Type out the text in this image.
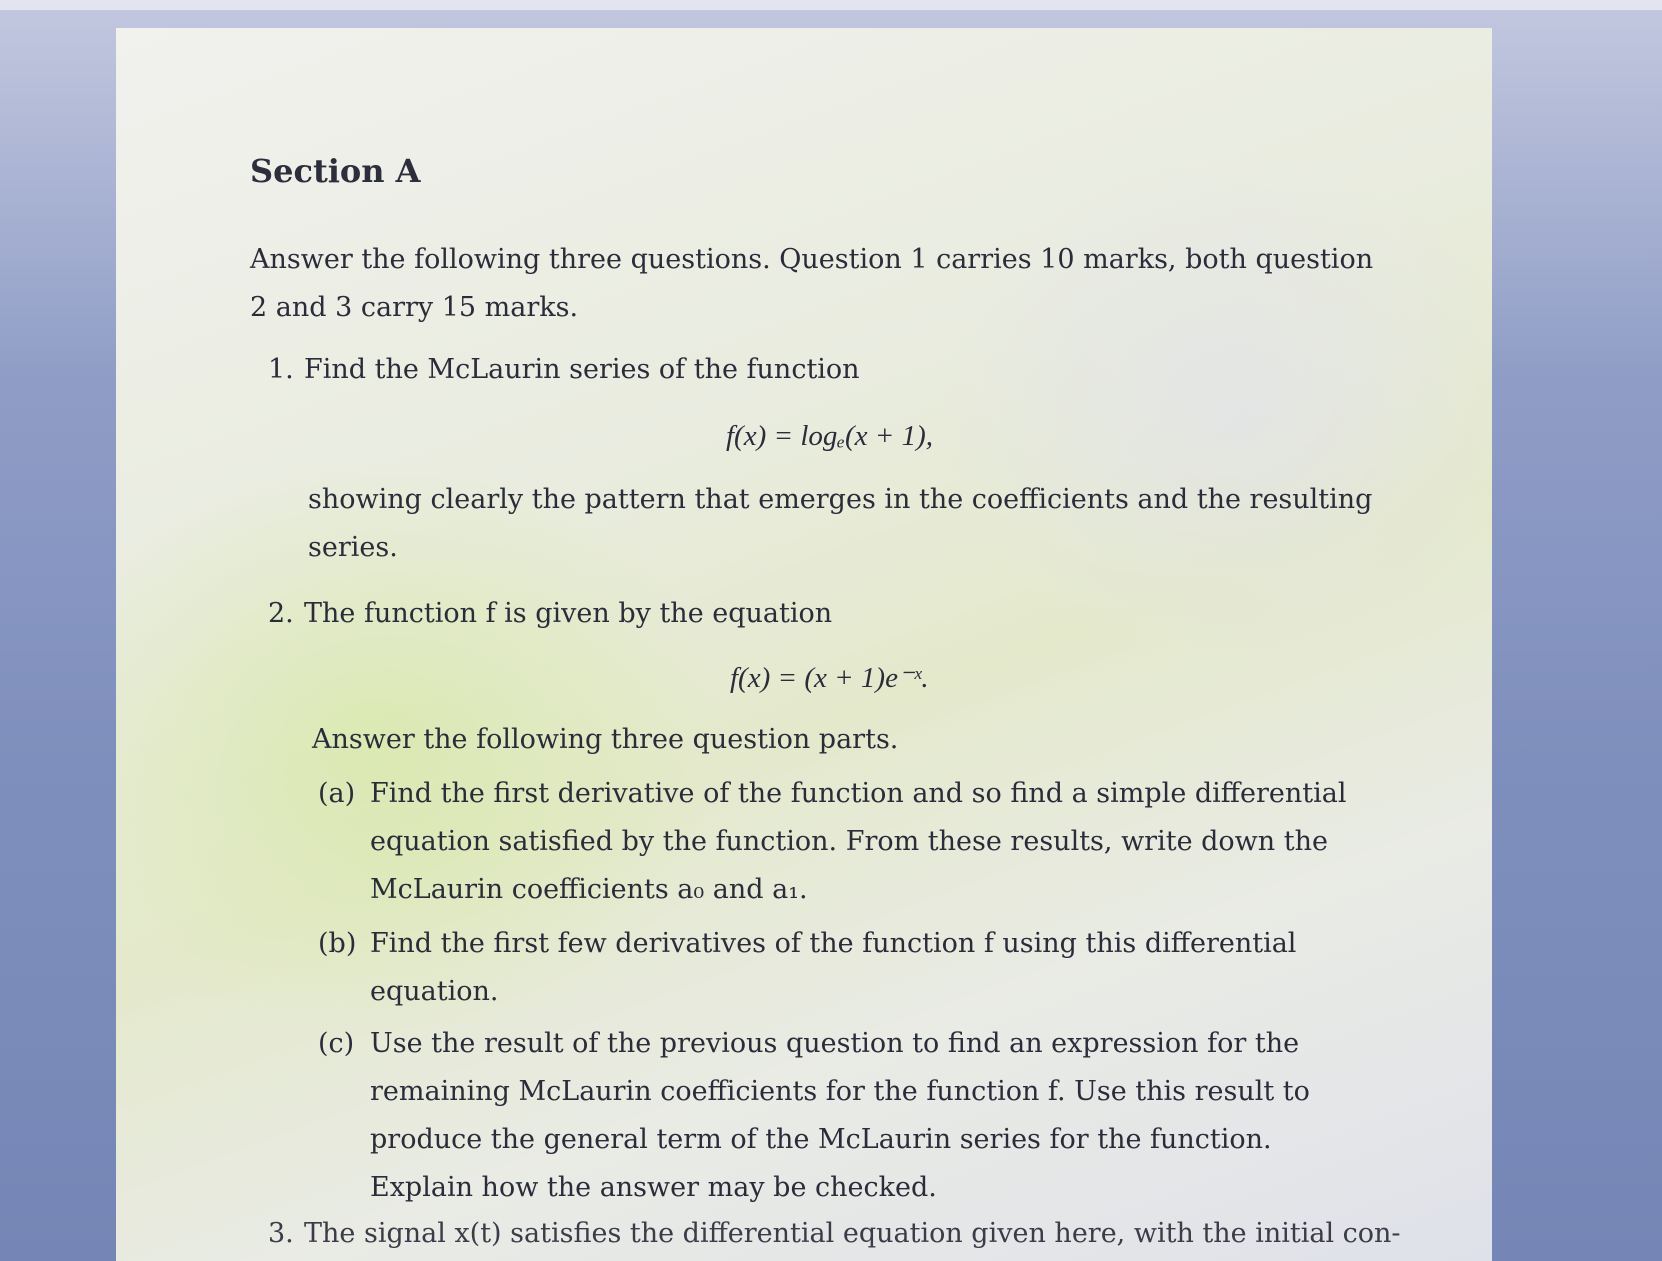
Section A

Answer the following three questions. Question 1 carries 10 marks, both question 2 and 3 carry 15 marks.

1. Find the McLaurin series of the function

f(x) = logₑ(x + 1),

showing clearly the pattern that emerges in the coefficients and the resulting series.

2. The function f is given by the equation

f(x) = (x + 1)e⁻ˣ.

Answer the following three question parts.

(a) Find the first derivative of the function and so find a simple differential equation satisfied by the function. From these results, write down the McLaurin coefficients a₀ and a₁.
(b) Find the first few derivatives of the function f using this differential equation.
(c) Use the result of the previous question to find an expression for the remaining McLaurin coefficients for the function f. Use this result to produce the general term of the McLaurin series for the function. Explain how the answer may be checked.

3. The signal x(t) satisfies the differential equation given here, with the initial con-
